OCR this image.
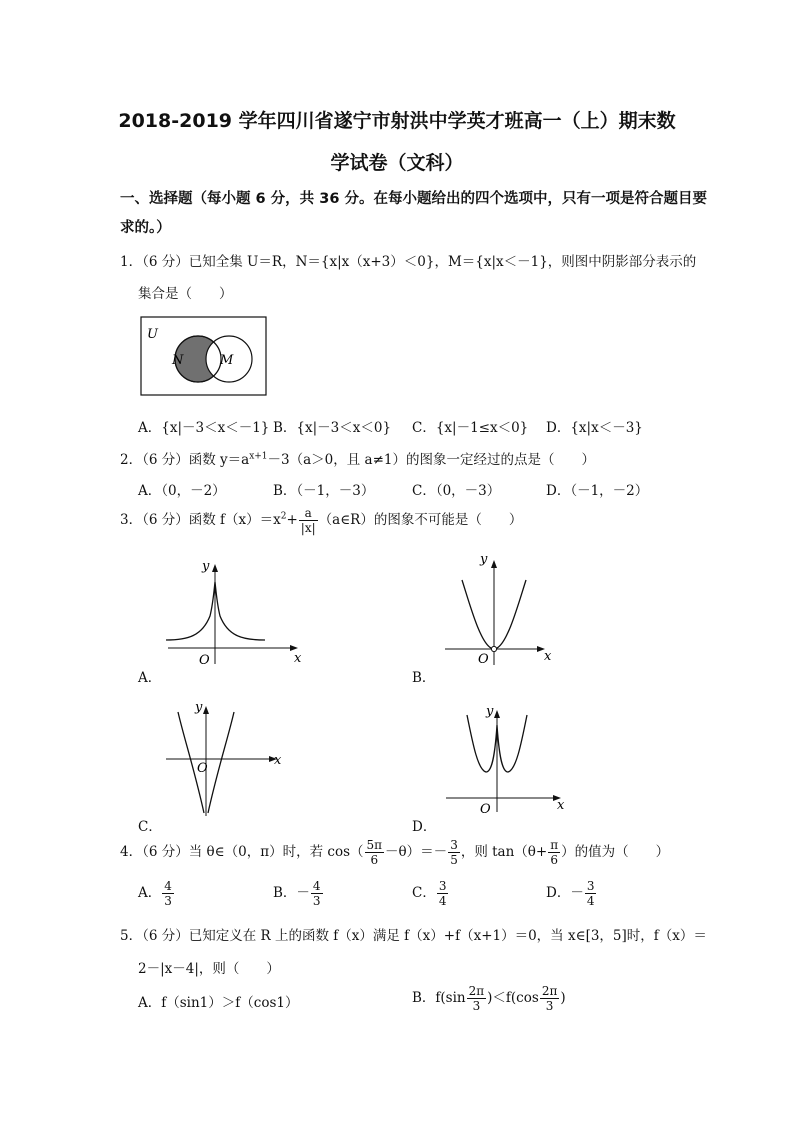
2018-2019 学年四川省遂宁市射洪中学英才班高一（上）期末数
学试卷（文科）
一、选择题（每小题 6 分，共 36 分。在每小题给出的四个选项中，只有一项是符合题目要
求的。）
1．（6 分）已知全集 U＝R，N＝{x|x（x+3）＜0}，M＝{x|x＜－1}，则图中阴影部分表示的
集合是（　　）
U
N	M
A．{x|－3＜x＜－1} B．{x|－3＜x＜0} C．{x|－1≤x＜0} D．{x|x＜－3}
2．（6 分）函数 $y=a^{x+1}-3(a>0$，且 a≠1）的图象一定经过的点是（　　）
A．（0，－2）	B．（－1，－3）	C．（0，－3）	D．（－1，－2）
3．（6 分）函数 $f(x)=x^2+ \frac{a}{|x|}$ （a∈R）的图象不可能是（　　）
y
x
O
A．
y
x
O
B．
y
x
O
C．
y
x
O
D．
4．（6 分）当 θ∈（0，π）时，若 $\cos( \frac{5\pi}{6} -\theta)=- \frac{3}{5}$ ，则 $\tan(\theta+ \frac{\pi}{6}$ ）的值为（　　）
A． $\frac{4}{3}$	B．－ $\frac{4}{3}$	C． $\frac{3}{4}$	D．－ $\frac{3}{4}$
5．（6 分）已知定义在 R 上的函数 f（x）满足 f（x）+f（x+1）＝0，当 x∈[3，5]时，f（x）＝
2－|x－4|，则（　　）
A．f（sin1）＞f（cos1）	B．$f(\sin \frac{2\pi}{3} )<f(\cos \frac{2\pi}{3}$ )
